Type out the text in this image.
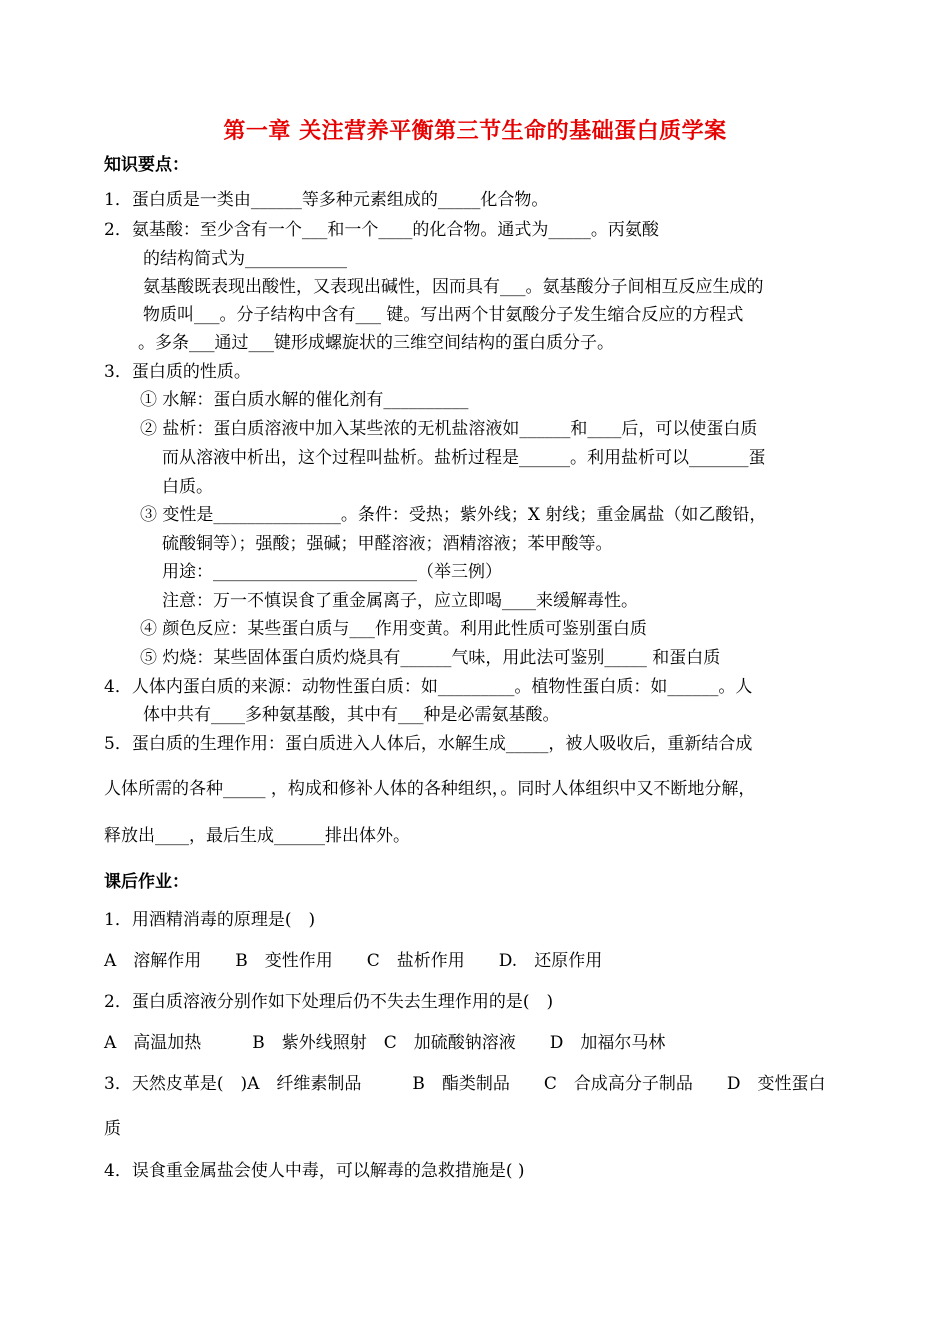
第一章 关注营养平衡第三节生命的基础蛋白质学案
知识要点：
1．蛋白质是一类由______等多种元素组成的_____化合物。
2．氨基酸：至少含有一个___和一个____的化合物。通式为_____。丙氨酸
的结构简式为____________
氨基酸既表现出酸性，又表现出碱性，因而具有___。氨基酸分子间相互反应生成的
物质叫___。分子结构中含有___ 键。写出两个甘氨酸分子发生缩合反应的方程式
。多条___通过___键形成螺旋状的三维空间结构的蛋白质分子。
3．蛋白质的性质。
① 水解：蛋白质水解的催化剂有__________
② 盐析：蛋白质溶液中加入某些浓的无机盐溶液如______和____后，可以使蛋白质
而从溶液中析出，这个过程叫盐析。盐析过程是______。利用盐析可以_______蛋
白质。
③ 变性是_______________。条件：受热；紫外线；X 射线；重金属盐（如乙酸铅，
硫酸铜等）；强酸；强碱；甲醛溶液；酒精溶液；苯甲酸等。
用途：________________________（举三例）
注意：万一不慎误食了重金属离子，应立即喝____来缓解毒性。
④ 颜色反应：某些蛋白质与___作用变黄。利用此性质可鉴别蛋白质
⑤ 灼烧：某些固体蛋白质灼烧具有______气味，用此法可鉴别_____ 和蛋白质
4．人体内蛋白质的来源：动物性蛋白质：如_________。植物性蛋白质：如______。人
体中共有____多种氨基酸，其中有___种是必需氨基酸。
5．蛋白质的生理作用：蛋白质进入人体后，水解生成_____，被人吸收后，重新结合成
人体所需的各种_____ ，构成和修补人体的各种组织，。同时人体组织中又不断地分解，
释放出____，最后生成______排出体外。
课后作业：
1．用酒精消毒的原理是(　)
A　溶解作用　　B　变性作用　　C　盐析作用　　D.　还原作用
2．蛋白质溶液分别作如下处理后仍不失去生理作用的是(　)
A　高温加热　　　B　紫外线照射　C　加硫酸钠溶液　　D　加福尔马林
3．天然皮革是(　)A　纤维素制品　　　B　酯类制品　　C　合成高分子制品　　D　变性蛋白
质
4．误食重金属盐会使人中毒，可以解毒的急救措施是( )
